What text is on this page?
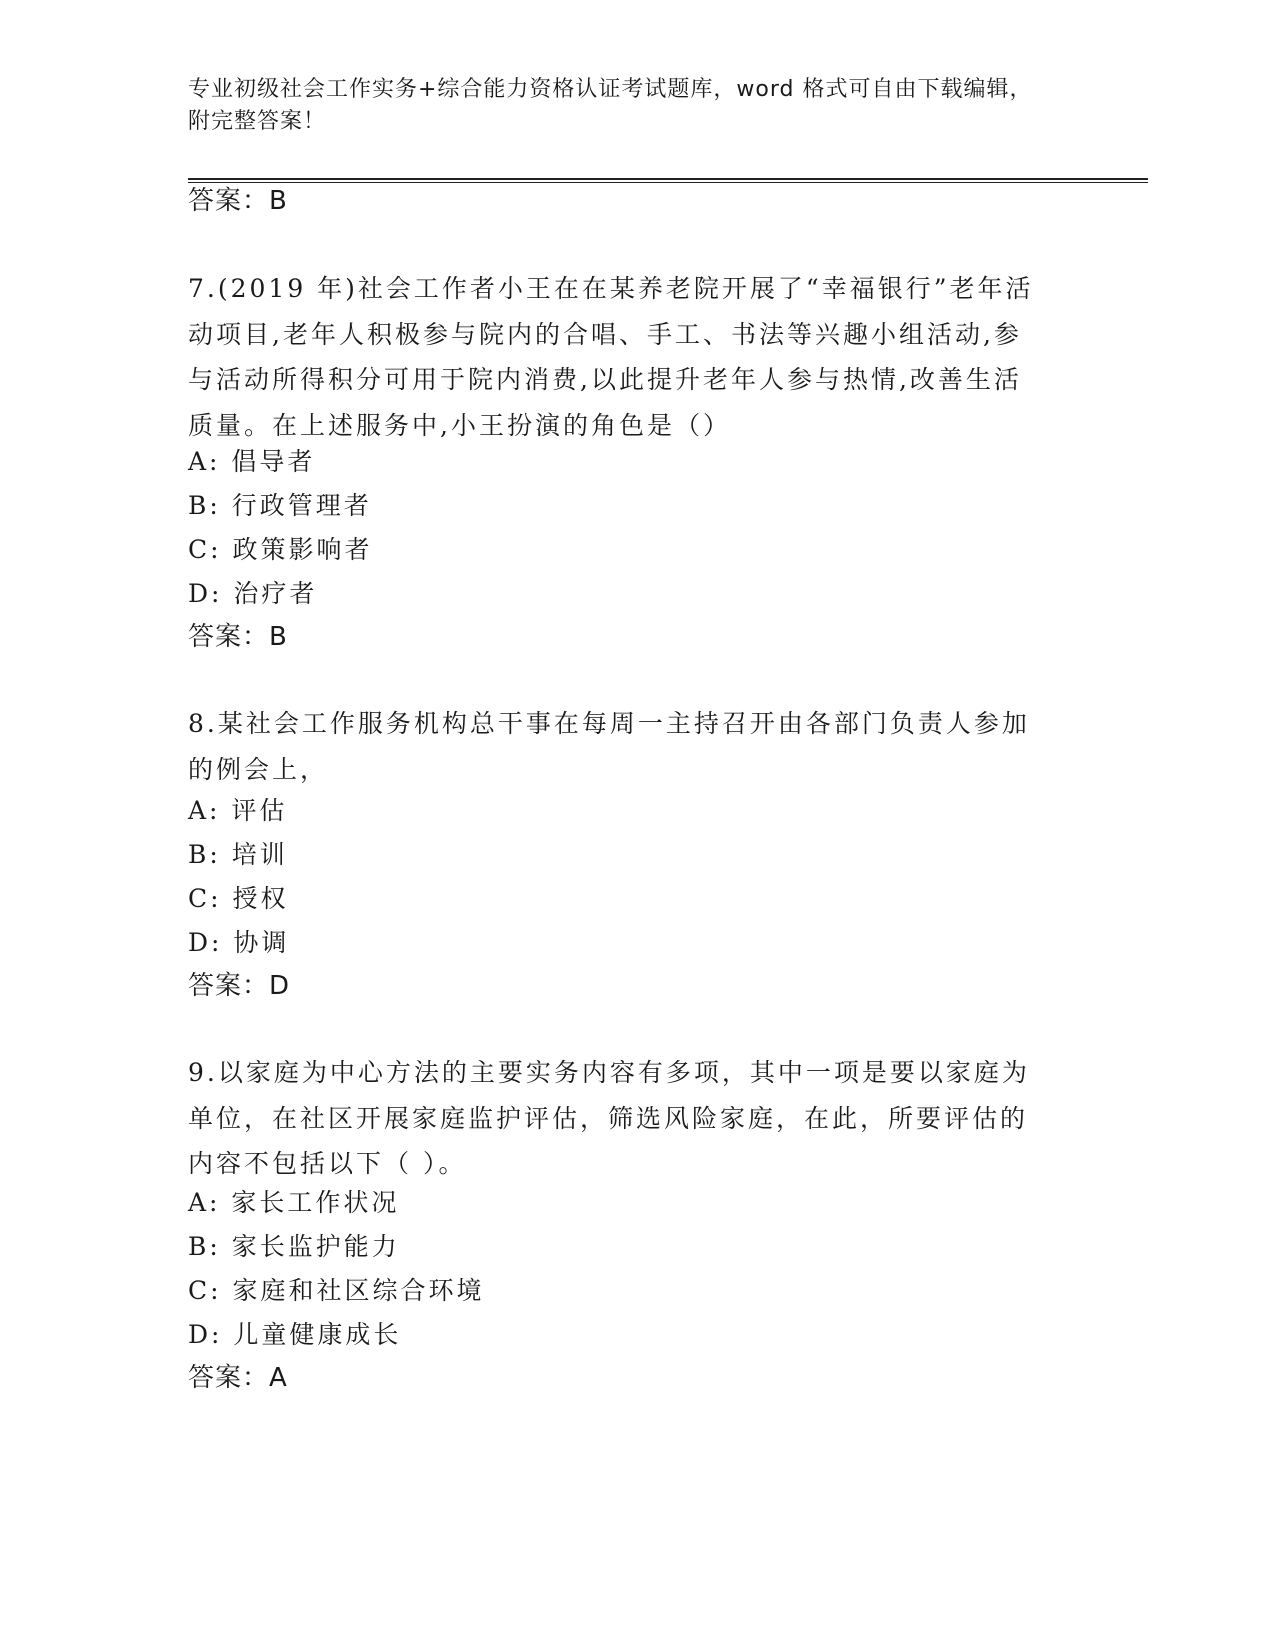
专业初级社会工作实务+综合能力资格认证考试题库，word 格式可自由下载编辑，
附完整答案！
答案：B
7.(2019 年)社会工作者小王在在某养老院开展了“幸福银行”老年活
动项目,老年人积极参与院内的合唱、手工、书法等兴趣小组活动,参
与活动所得积分可用于院内消费,以此提升老年人参与热情,改善生活
质量。在上述服务中,小王扮演的角色是（）
A: 倡导者
B: 行政管理者
C: 政策影响者
D: 治疗者
答案：B
8.某社会工作服务机构总干事在每周一主持召开由各部门负责人参加
的例会上，
A: 评估
B: 培训
C: 授权
D: 协调
答案：D
9.以家庭为中心方法的主要实务内容有多项，其中一项是要以家庭为
单位，在社区开展家庭监护评估，筛选风险家庭，在此，所要评估的
内容不包括以下（ ）。
A: 家长工作状况
B: 家长监护能力
C: 家庭和社区综合环境
D: 儿童健康成长
答案：A
